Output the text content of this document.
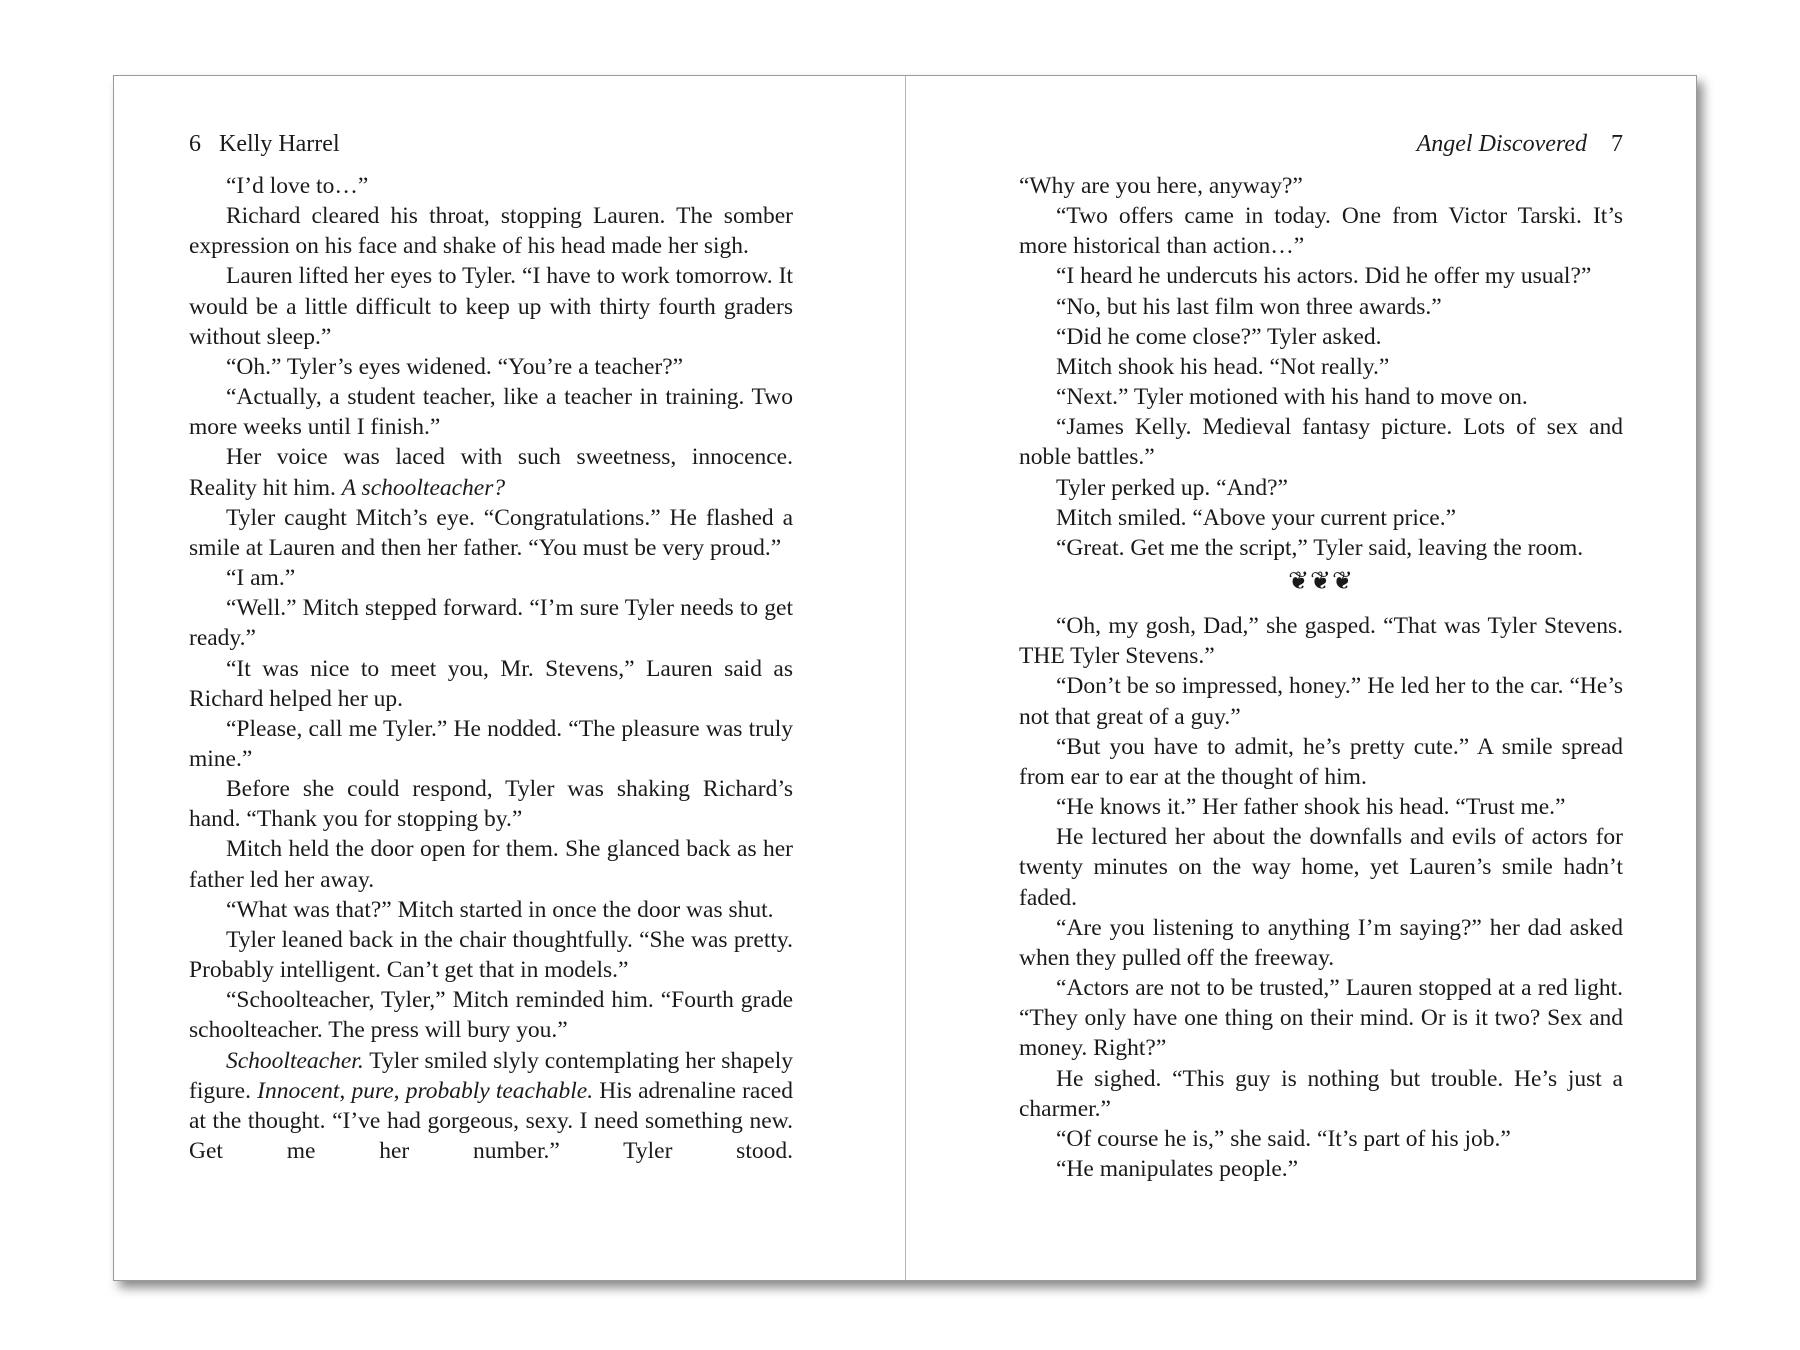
6 Kelly Harrel

“I’d love to…”

Richard cleared his throat, stopping Lauren. The somber expression on his face and shake of his head made her sigh.

Lauren lifted her eyes to Tyler. “I have to work tomorrow. It would be a little difficult to keep up with thirty fourth graders without sleep.”

“Oh.” Tyler’s eyes widened. “You’re a teacher?”

“Actually, a student teacher, like a teacher in training. Two more weeks until I finish.”

Her voice was laced with such sweetness, innocence. Reality hit him. A schoolteacher?

Tyler caught Mitch’s eye. “Congratulations.” He flashed a smile at Lauren and then her father. “You must be very proud.”

“I am.”

“Well.” Mitch stepped forward. “I’m sure Tyler needs to get ready.”

“It was nice to meet you, Mr. Stevens,” Lauren said as Richard helped her up.

“Please, call me Tyler.” He nodded. “The pleasure was truly mine.”

Before she could respond, Tyler was shaking Richard’s hand. “Thank you for stopping by.”

Mitch held the door open for them. She glanced back as her father led her away.

“What was that?” Mitch started in once the door was shut.

Tyler leaned back in the chair thoughtfully. “She was pretty. Probably intelligent. Can’t get that in models.”

“Schoolteacher, Tyler,” Mitch reminded him. “Fourth grade schoolteacher. The press will bury you.”

Schoolteacher. Tyler smiled slyly contemplating her shapely figure. Innocent, pure, probably teachable. His adrenaline raced at the thought. “I’ve had gorgeous, sexy. I need something new. Get me her number.” Tyler stood.

Angel Discovered 7

“Why are you here, anyway?”

“Two offers came in today. One from Victor Tarski. It’s more historical than action…”

“I heard he undercuts his actors. Did he offer my usual?”

“No, but his last film won three awards.”

“Did he come close?” Tyler asked.

Mitch shook his head. “Not really.”

“Next.” Tyler motioned with his hand to move on.

“James Kelly. Medieval fantasy picture. Lots of sex and noble battles.”

Tyler perked up. “And?”

Mitch smiled. “Above your current price.”

“Great. Get me the script,” Tyler said, leaving the room.

❦❦❦

“Oh, my gosh, Dad,” she gasped. “That was Tyler Stevens. THE Tyler Stevens.”

“Don’t be so impressed, honey.” He led her to the car. “He’s not that great of a guy.”

“But you have to admit, he’s pretty cute.” A smile spread from ear to ear at the thought of him.

“He knows it.” Her father shook his head. “Trust me.”

He lectured her about the downfalls and evils of actors for twenty minutes on the way home, yet Lauren’s smile hadn’t faded.

“Are you listening to anything I’m saying?” her dad asked when they pulled off the freeway.

“Actors are not to be trusted,” Lauren stopped at a red light. “They only have one thing on their mind. Or is it two? Sex and money. Right?”

He sighed. “This guy is nothing but trouble. He’s just a charmer.”

“Of course he is,” she said. “It’s part of his job.”

“He manipulates people.”
